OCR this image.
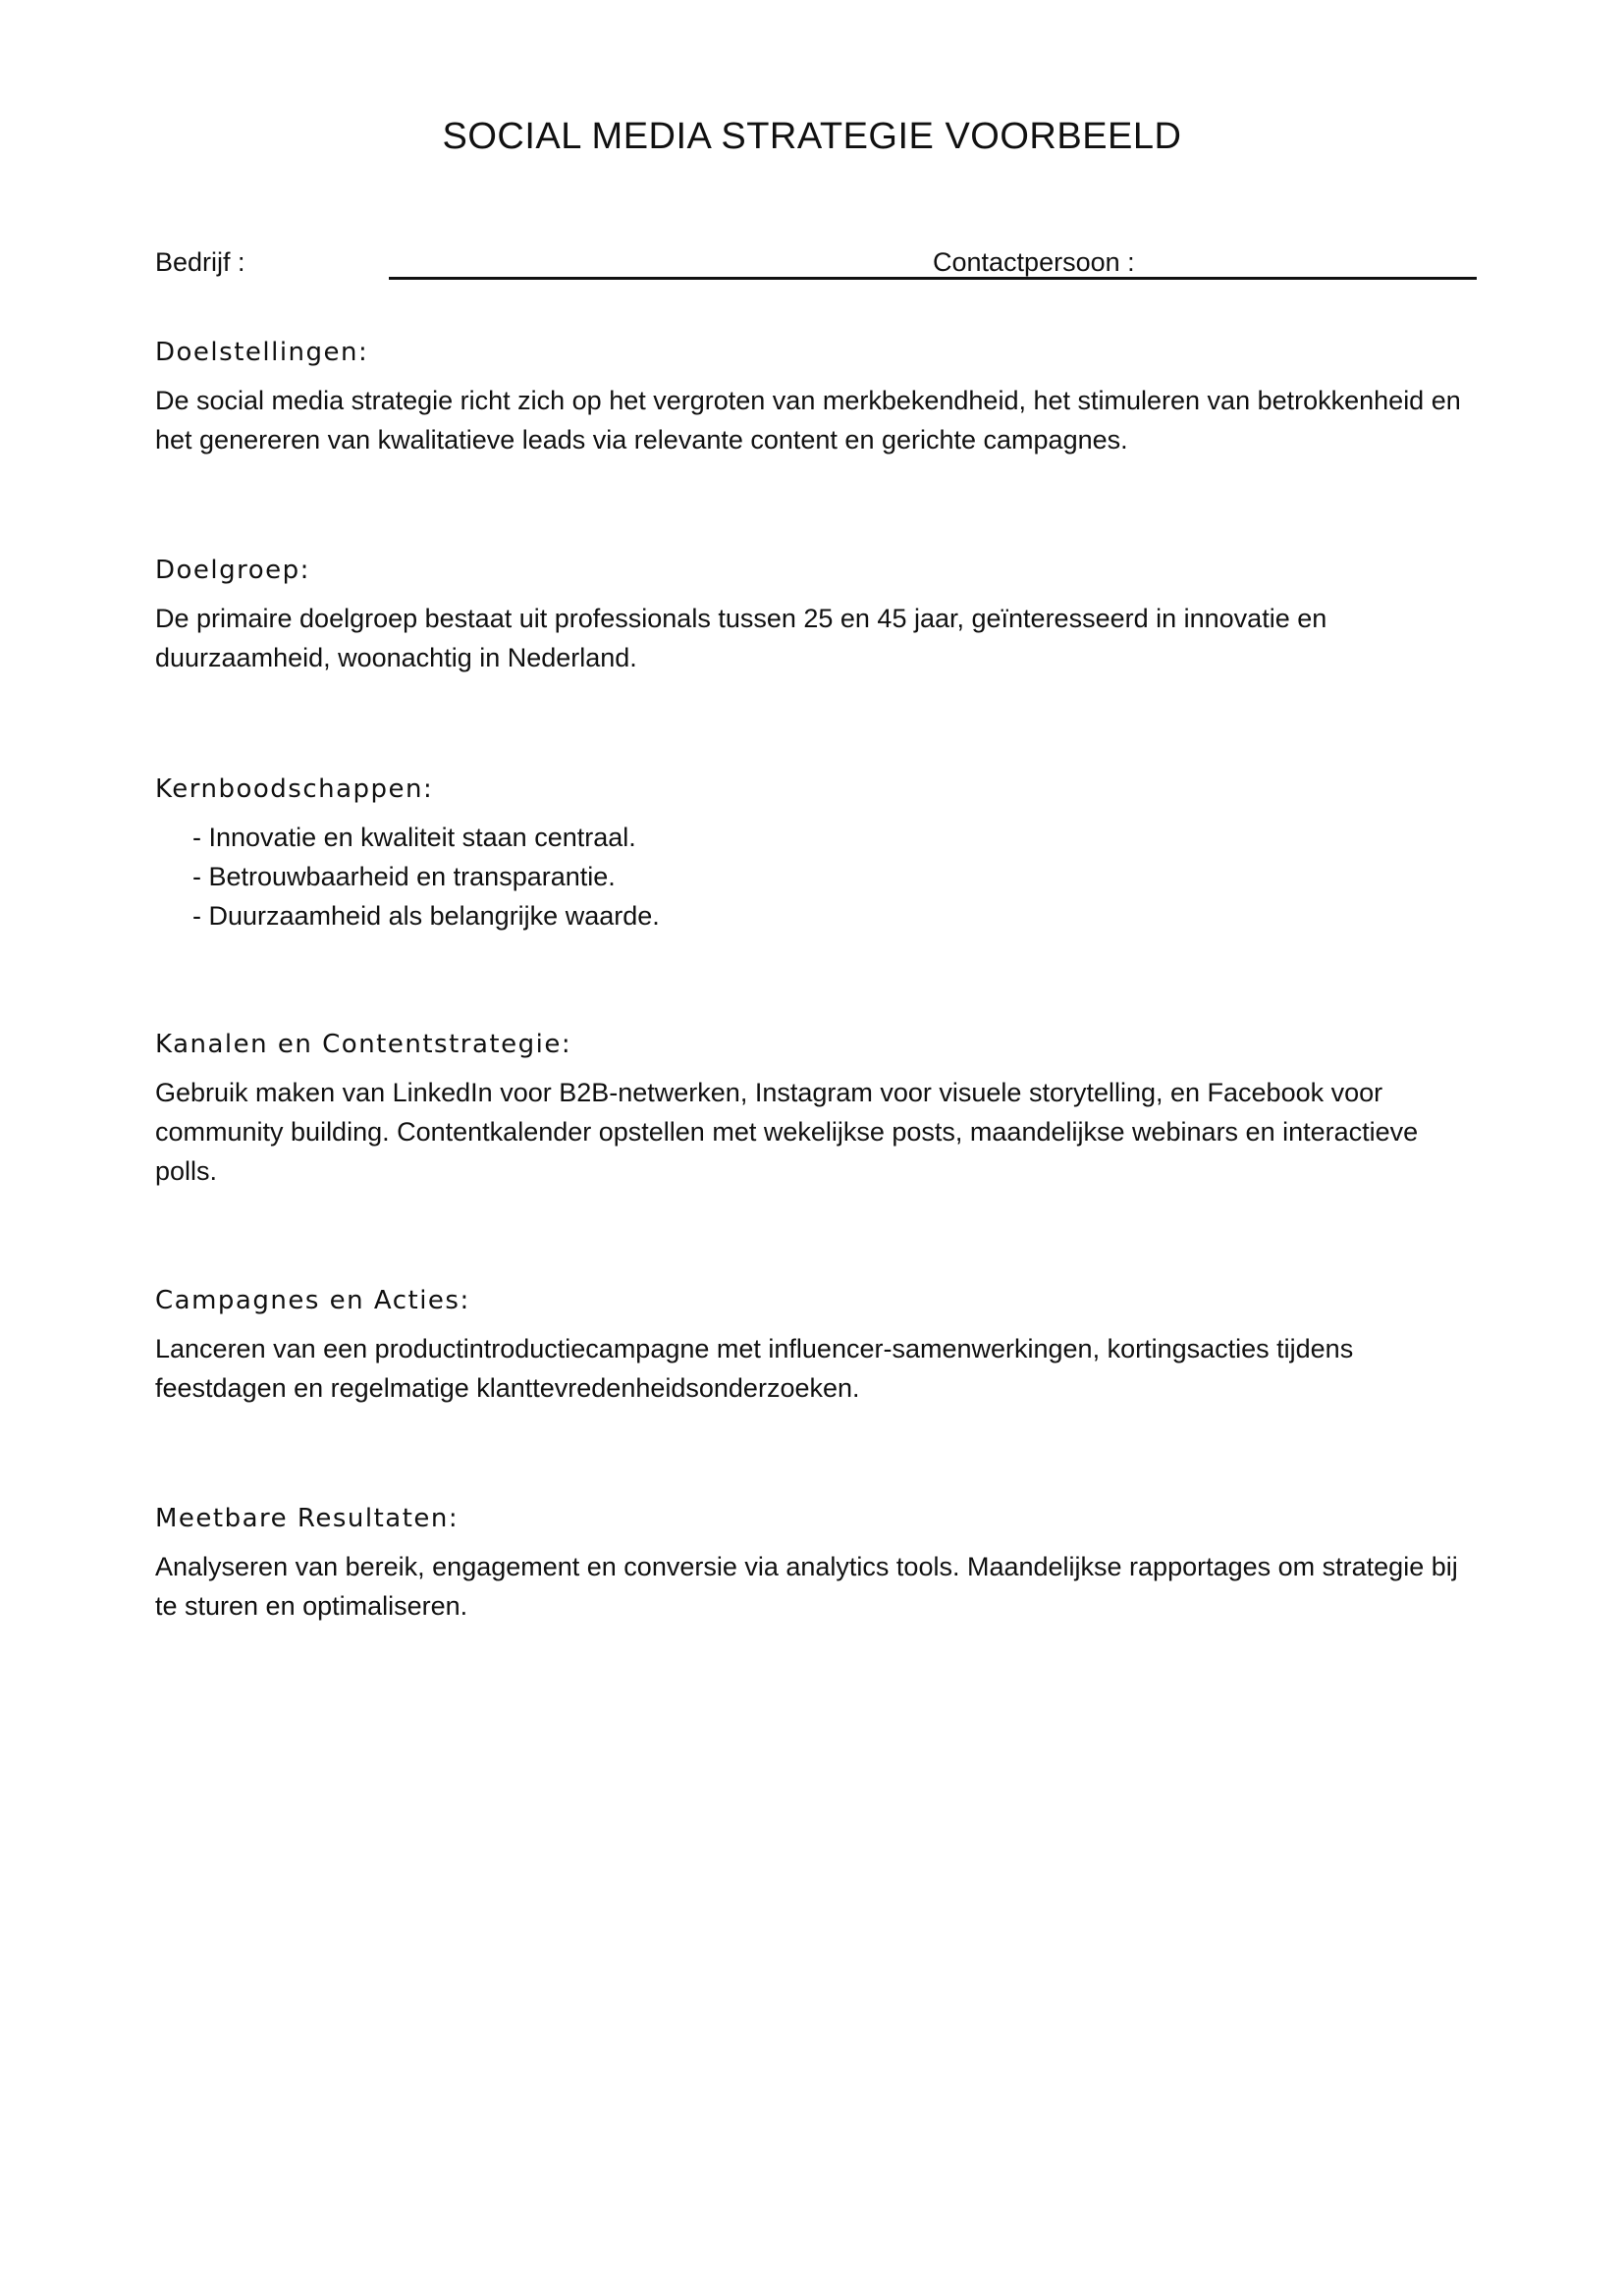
SOCIAL MEDIA STRATEGIE VOORBEELD
Bedrijf :	Contactpersoon :
Doelstellingen:

De social media strategie richt zich op het vergroten van merkbekendheid, het stimuleren van betrokkenheid en het genereren van kwalitatieve leads via relevante content en gerichte campagnes.

Doelgroep:

De primaire doelgroep bestaat uit professionals tussen 25 en 45 jaar, geïnteresseerd in innovatie en duurzaamheid, woonachtig in Nederland.

Kernboodschappen:
- Innovatie en kwaliteit staan centraal.
- Betrouwbaarheid en transparantie.
- Duurzaamheid als belangrijke waarde.
Kanalen en Contentstrategie:

Gebruik maken van LinkedIn voor B2B-netwerken, Instagram voor visuele storytelling, en Facebook voor community building. Contentkalender opstellen met wekelijkse posts, maandelijkse webinars en interactieve polls.

Campagnes en Acties:

Lanceren van een productintroductiecampagne met influencer-samenwerkingen, kortingsacties tijdens feestdagen en regelmatige klanttevredenheidsonderzoeken.

Meetbare Resultaten:

Analyseren van bereik, engagement en conversie via analytics tools. Maandelijkse rapportages om strategie bij te sturen en optimaliseren.
